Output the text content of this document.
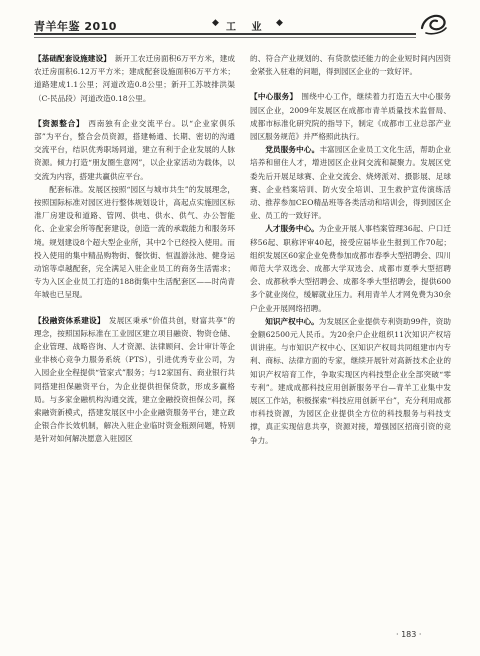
青羊年鉴 2010	◆ 工 业 ◆

【基础配套设施建设】 新开工农迁房面积6万平方米，建成农迁房面积6.12万平方米；建成配套设施面积6万平方米；道路建成1.1公里；河道改造0.8公里；新开工苏坡排洪渠（C-民品段）河道改造0.18公里。

【资源整合】 西南独有企业交流平台。以“企业家俱乐部”为平台，整合会员资源，搭建畅通、长期、密切的沟通交流平台，结识优秀职场同道，建立有利于企业发展的人脉资源。倾力打造“朋友圈生意网”，以企业家活动为载体，以交流为内容，搭建共赢供应平台。

配套标准。发展区按照“园区与城市共生”的发展理念，按照国际标准对园区进行整体规划设计，高起点实施园区标准厂房建设和道路、管网、供电、供水、供气、办公智能化、企业家会所等配套建设，创造一流的承载能力和服务环境。规划建设8个超大型企业所，其中2个已经投入使用。而投入使用的集中精品购物街、餐饮街、恒温游泳池、健身运动馆等卓越配套，完全满足入驻企业员工的商务生活需求；专为入区企业员工打造的188街集中生活配套区——时尚青年城也已呈现。

【投融资体系建设】 发展区秉承“价值共创，财富共享”的理念，按照国际标准在工业园区建立项目融资、物资仓储、企业管理、战略咨询、人才资源、法律顾问、会计审计等企业非核心竞争力服务系统（PTS），引进优秀专业公司，为入园企业全程提供“管家式”服务；与12家国有、商业银行共同搭建担保融资平台，为企业提供担保贷款，形成多赢格局。与多家金融机构沟通交流，建立金融投资担保公司，探索融资新模式，搭建发展区中小企业融资服务平台，建立政企银合作长效机制，解决入驻企业临时资金瓶颈问题，特别是针对如何解决愿意入驻园区

的、符合产业规划的、有贷款偿还能力的企业短时间内因资金紧张入驻难的问题，得到园区企业的一致好评。

【中心服务】 围绕中心工作，继续着力打造五大中心服务园区企业，2009年发展区在成都市青羊质量技术监督局、成都市标准化研究院的指导下，制定《成都市工业总部产业园区服务规范》并严格照此执行。

党员服务中心。丰富园区企业员工文化生活，帮助企业培养和留住人才，增进园区企业间交流和凝聚力。发展区党委先后开展足球赛、企业交流会、烧烤派对、摄影展、足球赛、企业档案培训、防火安全培训、卫生救护宣传演练活动、推荐参加CEO精品班等各类活动和培训会，得到园区企业、员工的一致好评。

人才服务中心。为企业开展人事档案管理36起、户口迁移56起、职称评审40起，接受应届毕业生报到工作70起；组织发展区60家企业免费参加成都市春季大型招聘会、四川师范大学双选会、成都大学双选会、成都市夏季大型招聘会、成都秋季大型招聘会、成都冬季大型招聘会，提供600多个就业岗位，缓解就业压力。利用青羊人才网免费为30余户企业开展网络招聘。

知识产权中心。为发展区企业提供专利资助99件，资助金额62500元人民币。为20余户企业组织11次知识产权培训讲座。与市知识产权中心、区知识产权局共同组建市内专利、商标、法律方面的专家，继续开展针对高新技术企业的知识产权培育工作，争取实现区内科技型企业全部突破“零专利”。建成成都科技应用创新服务平台—青羊工业集中发展区工作站，积极探索“科技应用创新平台”，充分利用成都市科技资源，为园区企业提供全方位的科技服务与科技支撑，真正实现信息共享，资源对接，增强园区招商引资的竞争力。

· 183 ·
